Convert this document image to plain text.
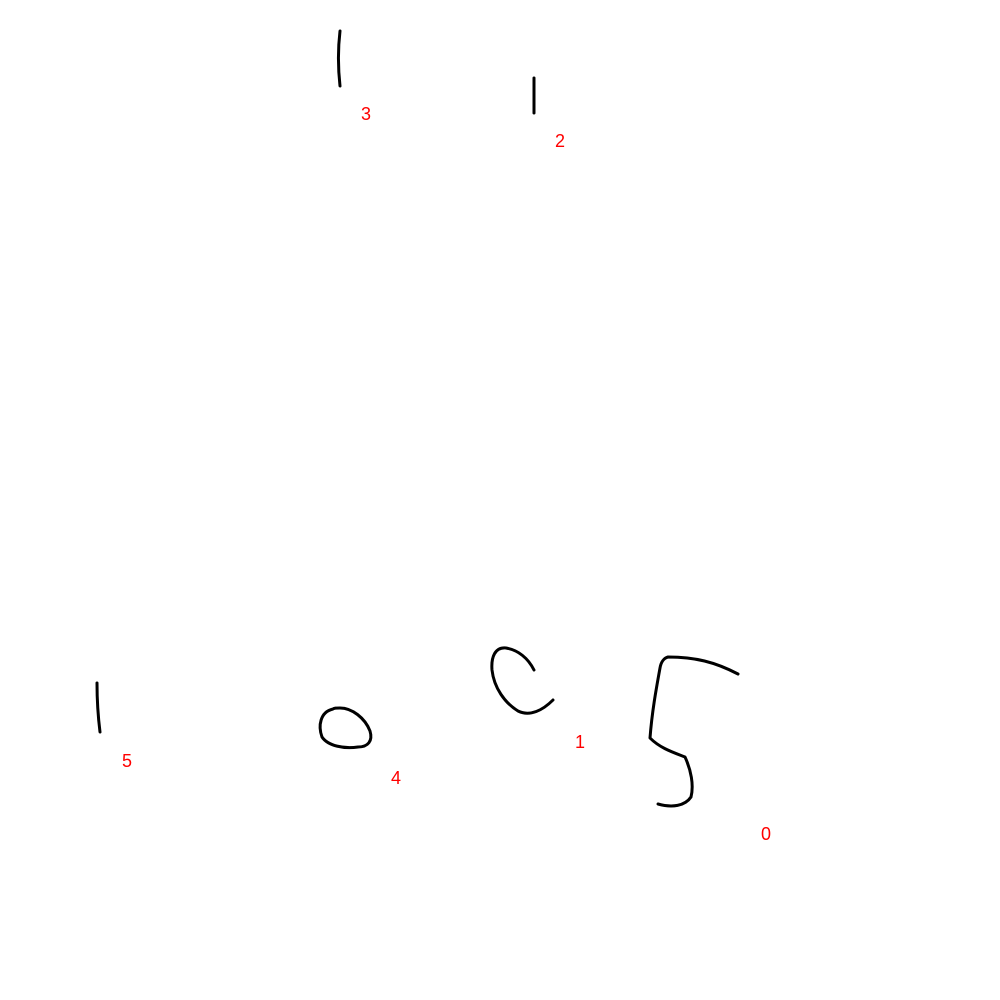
0
1
2
3
4
5
